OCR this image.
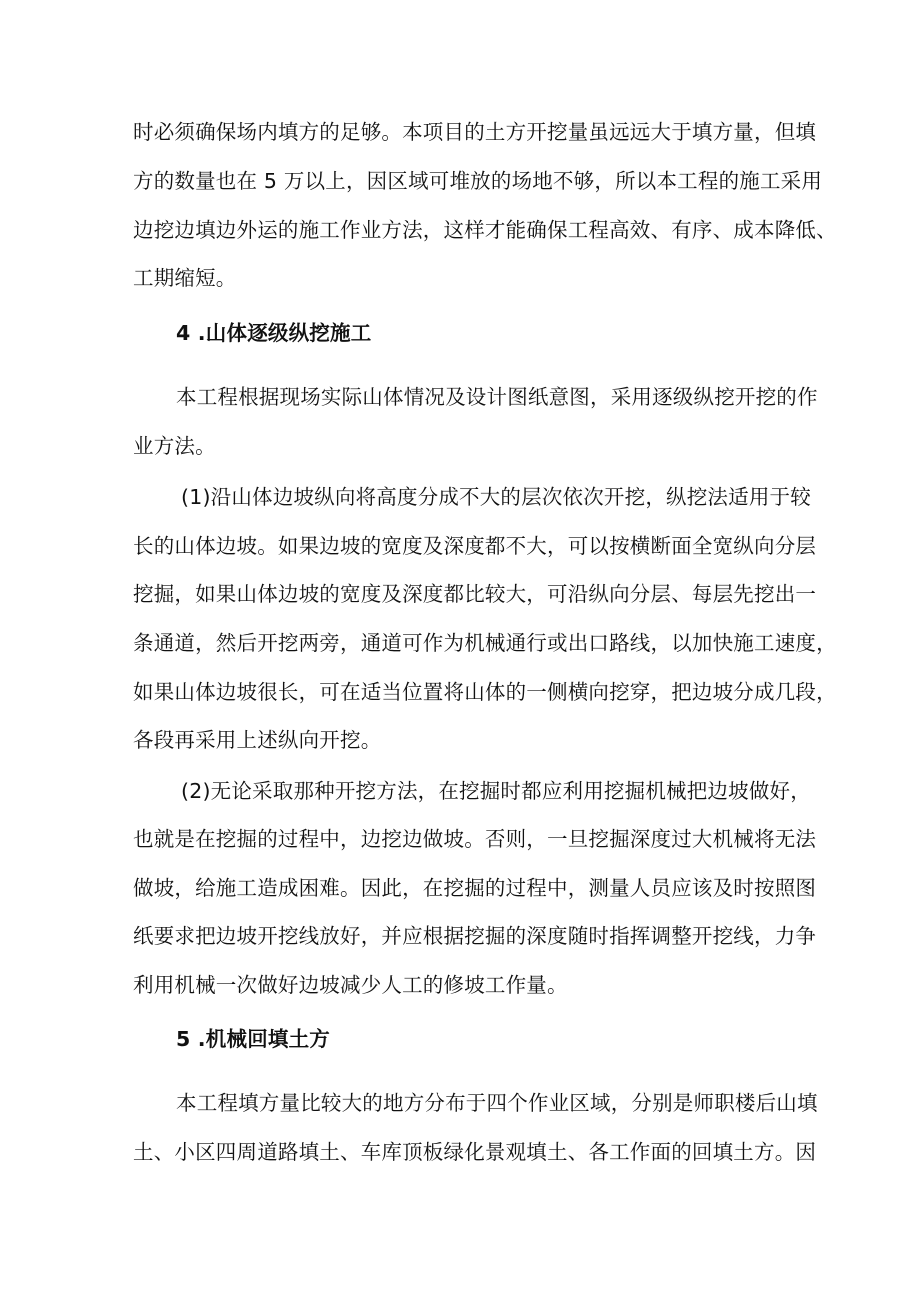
时必须确保场内填方的足够。本项目的土方开挖量虽远远大于填方量，但填
方的数量也在 5 万以上，因区域可堆放的场地不够，所以本工程的施工采用
边挖边填边外运的施工作业方法，这样才能确保工程高效、有序、成本降低、
工期缩短。
4 .山体逐级纵挖施工
本工程根据现场实际山体情况及设计图纸意图，采用逐级纵挖开挖的作
业方法。
(1)沿山体边坡纵向将高度分成不大的层次依次开挖，纵挖法适用于较
长的山体边坡。如果边坡的宽度及深度都不大，可以按横断面全宽纵向分层
挖掘，如果山体边坡的宽度及深度都比较大，可沿纵向分层、每层先挖出一
条通道，然后开挖两旁，通道可作为机械通行或出口路线，以加快施工速度，
如果山体边坡很长，可在适当位置将山体的一侧横向挖穿，把边坡分成几段，
各段再采用上述纵向开挖。
(2)无论采取那种开挖方法，在挖掘时都应利用挖掘机械把边坡做好，
也就是在挖掘的过程中，边挖边做坡。否则，一旦挖掘深度过大机械将无法
做坡，给施工造成困难。因此，在挖掘的过程中，测量人员应该及时按照图
纸要求把边坡开挖线放好，并应根据挖掘的深度随时指挥调整开挖线，力争
利用机械一次做好边坡减少人工的修坡工作量。
5 .机械回填土方
本工程填方量比较大的地方分布于四个作业区域，分别是师职楼后山填
土、小区四周道路填土、车库顶板绿化景观填土、各工作面的回填土方。因
